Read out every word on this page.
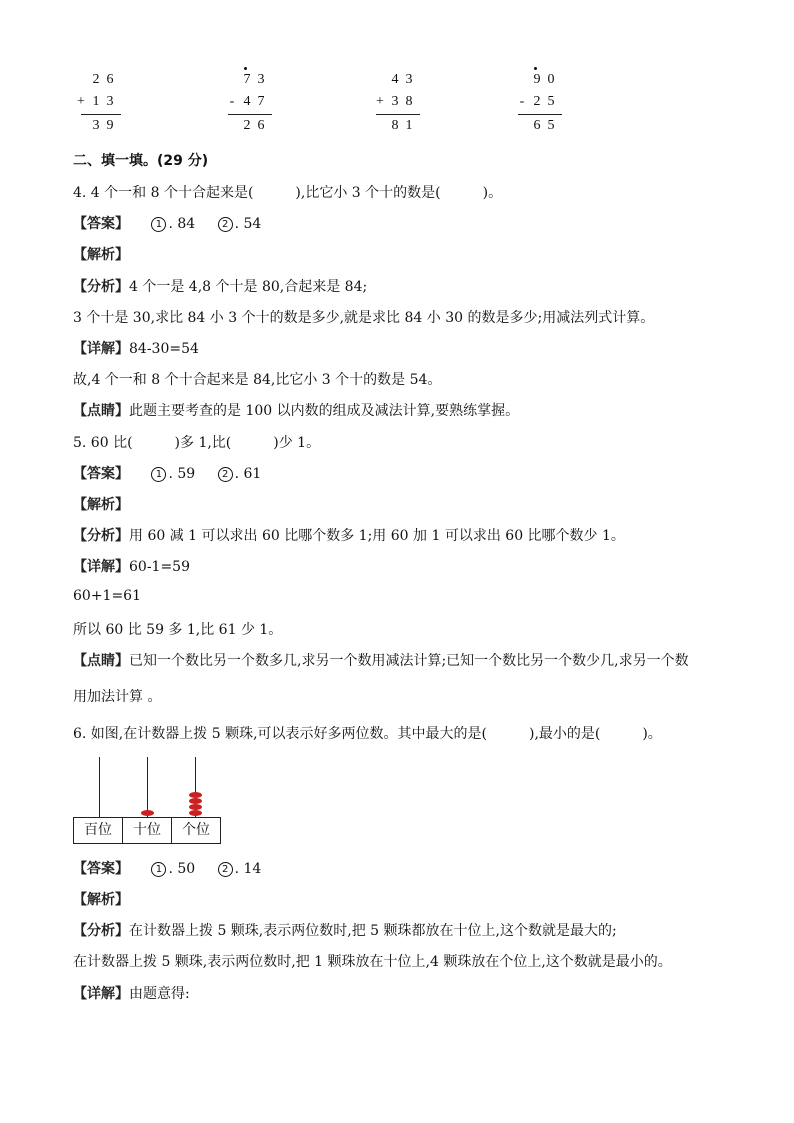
2 6
+ 1 3
3 9
7 3
- 4 7
2 6
4 3
+ 3 8
8 1
9 0
- 2 5
6 5
二、填一填。(29 分)
4. 4 个一和 8 个十合起来是(　　　),比它小 3 个十的数是(　　　)。
【答案】	1 . 84	2 . 54
【解析】
【分析】4 个一是 4,8 个十是 80,合起来是 84;
3 个十是 30,求比 84 小 3 个十的数是多少,就是求比 84 小 30 的数是多少;用减法列式计算。
【详解】84-30=54
故,4 个一和 8 个十合起来是 84,比它小 3 个十的数是 54。
【点睛】此题主要考查的是 100 以内数的组成及减法计算,要熟练掌握。
5. 60 比(　　　)多 1,比(　　　)少 1。
【答案】	1 . 59	2 . 61
【解析】
【分析】用 60 减 1 可以求出 60 比哪个数多 1;用 60 加 1 可以求出 60 比哪个数少 1。
【详解】60-1=59
60+1=61
所以 60 比 59 多 1,比 61 少 1。
【点睛】已知一个数比另一个数多几,求另一个数用减法计算;已知一个数比另一个数少几,求另一个数
用加法计算 。
6. 如图,在计数器上拨 5 颗珠,可以表示好多两位数。其中最大的是(　　　),最小的是(　　　)。
百位	十位	个位
【答案】	1 . 50	2 . 14
【解析】
【分析】在计数器上拨 5 颗珠,表示两位数时,把 5 颗珠都放在十位上,这个数就是最大的;
在计数器上拨 5 颗珠,表示两位数时,把 1 颗珠放在十位上,4 颗珠放在个位上,这个数就是最小的。
【详解】由题意得:
